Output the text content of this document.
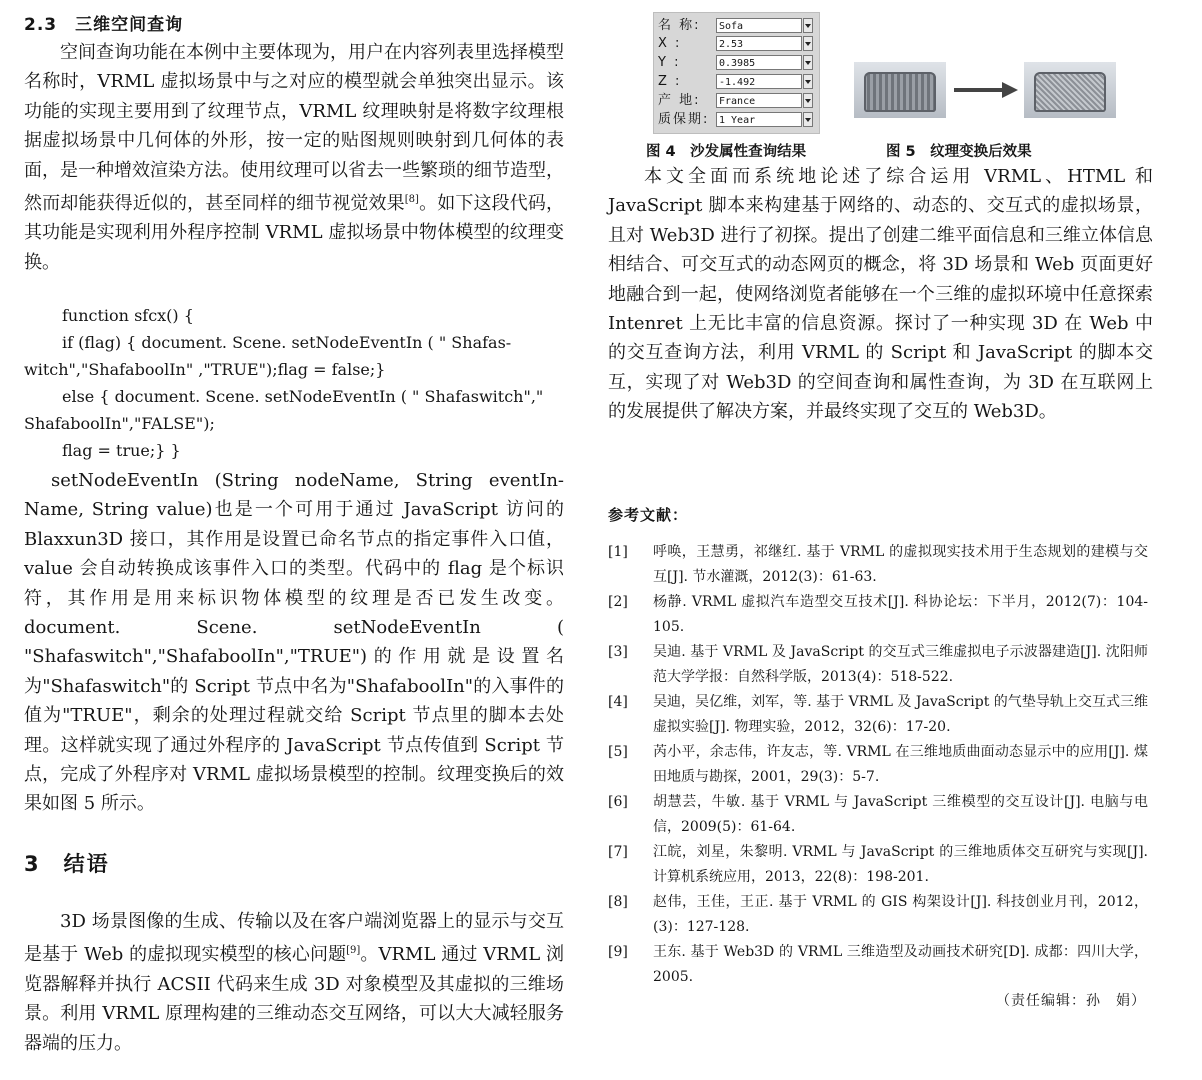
2.3　三维空间查询

空间查询功能在本例中主要体现为，用户在内容列表里选择模型名称时，VRML 虚拟场景中与之对应的模型就会单独突出显示。该功能的实现主要用到了纹理节点，VRML 纹理映射是将数字纹理根据虚拟场景中几何体的外形，按一定的贴图规则映射到几何体的表面，是一种增效渲染方法。使用纹理可以省去一些繁琐的细节造型，然而却能获得近似的，甚至同样的细节视觉效果[8]。如下这段代码，其功能是实现利用外程序控制 VRML 虚拟场景中物体模型的纹理变换。

function sfcx() {
if (flag) { document. Scene. setNodeEventIn ( " Shafas-
witch","ShafaboolIn" ,"TRUE");flag = false;}
else { document. Scene. setNodeEventIn ( " Shafaswitch","
ShafaboolIn","FALSE");
flag = true;} }

setNodeEventIn (String nodeName, String eventIn-Name, String value)也是一个可用于通过 JavaScript 访问的 Blaxxun3D 接口，其作用是设置已命名节点的指定事件入口值，value 会自动转换成该事件入口的类型。代码中的 flag 是个标识符，其作用是用来标识物体模型的纹理是否已发生改变。document. Scene. setNodeEventIn ( "Shafaswitch","ShafaboolIn","TRUE")的作用就是设置名为"Shafaswitch"的 Script 节点中名为"ShafaboolIn"的入事件的值为"TRUE"，剩余的处理过程就交给 Script 节点里的脚本去处理。这样就实现了通过外程序的 JavaScript 节点传值到 Script 节点，完成了外程序对 VRML 虚拟场景模型的控制。纹理变换后的效果如图 5 所示。

3　结语

3D 场景图像的生成、传输以及在客户端浏览器上的显示与交互是基于 Web 的虚拟现实模型的核心问题[9]。VRML 通过 VRML 浏览器解释并执行 ACSII 代码来生成 3D 对象模型及其虚拟的三维场景。利用 VRML 原理构建的三维动态交互网络，可以大大减轻服务器端的压力。

名 称:	Sofa
X :	2.53
Y :	0.3985
Z :	-1.492
产 地:	France
质保期: 1 Year
图 4　沙发属性查询结果	图 5　纹理变换后效果

本文全面而系统地论述了综合运用 VRML、HTML 和 JavaScript 脚本来构建基于网络的、动态的、交互式的虚拟场景，且对 Web3D 进行了初探。提出了创建二维平面信息和三维立体信息相结合、可交互式的动态网页的概念，将 3D 场景和 Web 页面更好地融合到一起，使网络浏览者能够在一个三维的虚拟环境中任意探索 Intenret 上无比丰富的信息资源。探讨了一种实现 3D 在 Web 中的交互查询方法，利用 VRML 的 Script 和 JavaScript 的脚本交互，实现了对 Web3D 的空间查询和属性查询，为 3D 在互联网上的发展提供了解决方案，并最终实现了交互的 Web3D。

参考文献：
[1]	呼唤，王慧勇，祁继红. 基于 VRML 的虚拟现实技术用于生态规划的建模与交互[J]. 节水灌溉，2012(3)：61-63.
[2]	杨静. VRML 虚拟汽车造型交互技术[J]. 科协论坛：下半月，2012(7)：104-105.
[3]	吴迪. 基于 VRML 及 JavaScript 的交互式三维虚拟电子示波器建造[J]. 沈阳师范大学学报：自然科学版，2013(4)：518-522.
[4]	吴迪，吴亿维，刘军，等. 基于 VRML 及 JavaScript 的气垫导轨上交互式三维虚拟实验[J]. 物理实验，2012，32(6)：17-20.
[5]	芮小平，余志伟，许友志，等. VRML 在三维地质曲面动态显示中的应用[J]. 煤田地质与勘探，2001，29(3)：5-7.
[6]	胡慧芸，牛敏. 基于 VRML 与 JavaScript 三维模型的交互设计[J]. 电脑与电信，2009(5)：61-64.
[7]	江皖，刘星，朱黎明. VRML 与 JavaScript 的三维地质体交互研究与实现[J]. 计算机系统应用，2013，22(8)：198-201.
[8]	赵伟，王佳，王正. 基于 VRML 的 GIS 构架设计[J]. 科技创业月刊，2012，(3)：127-128.
[9]	王东. 基于 Web3D 的 VRML 三维造型及动画技术研究[D]. 成都：四川大学，2005.
（责任编辑：孙　娟）
